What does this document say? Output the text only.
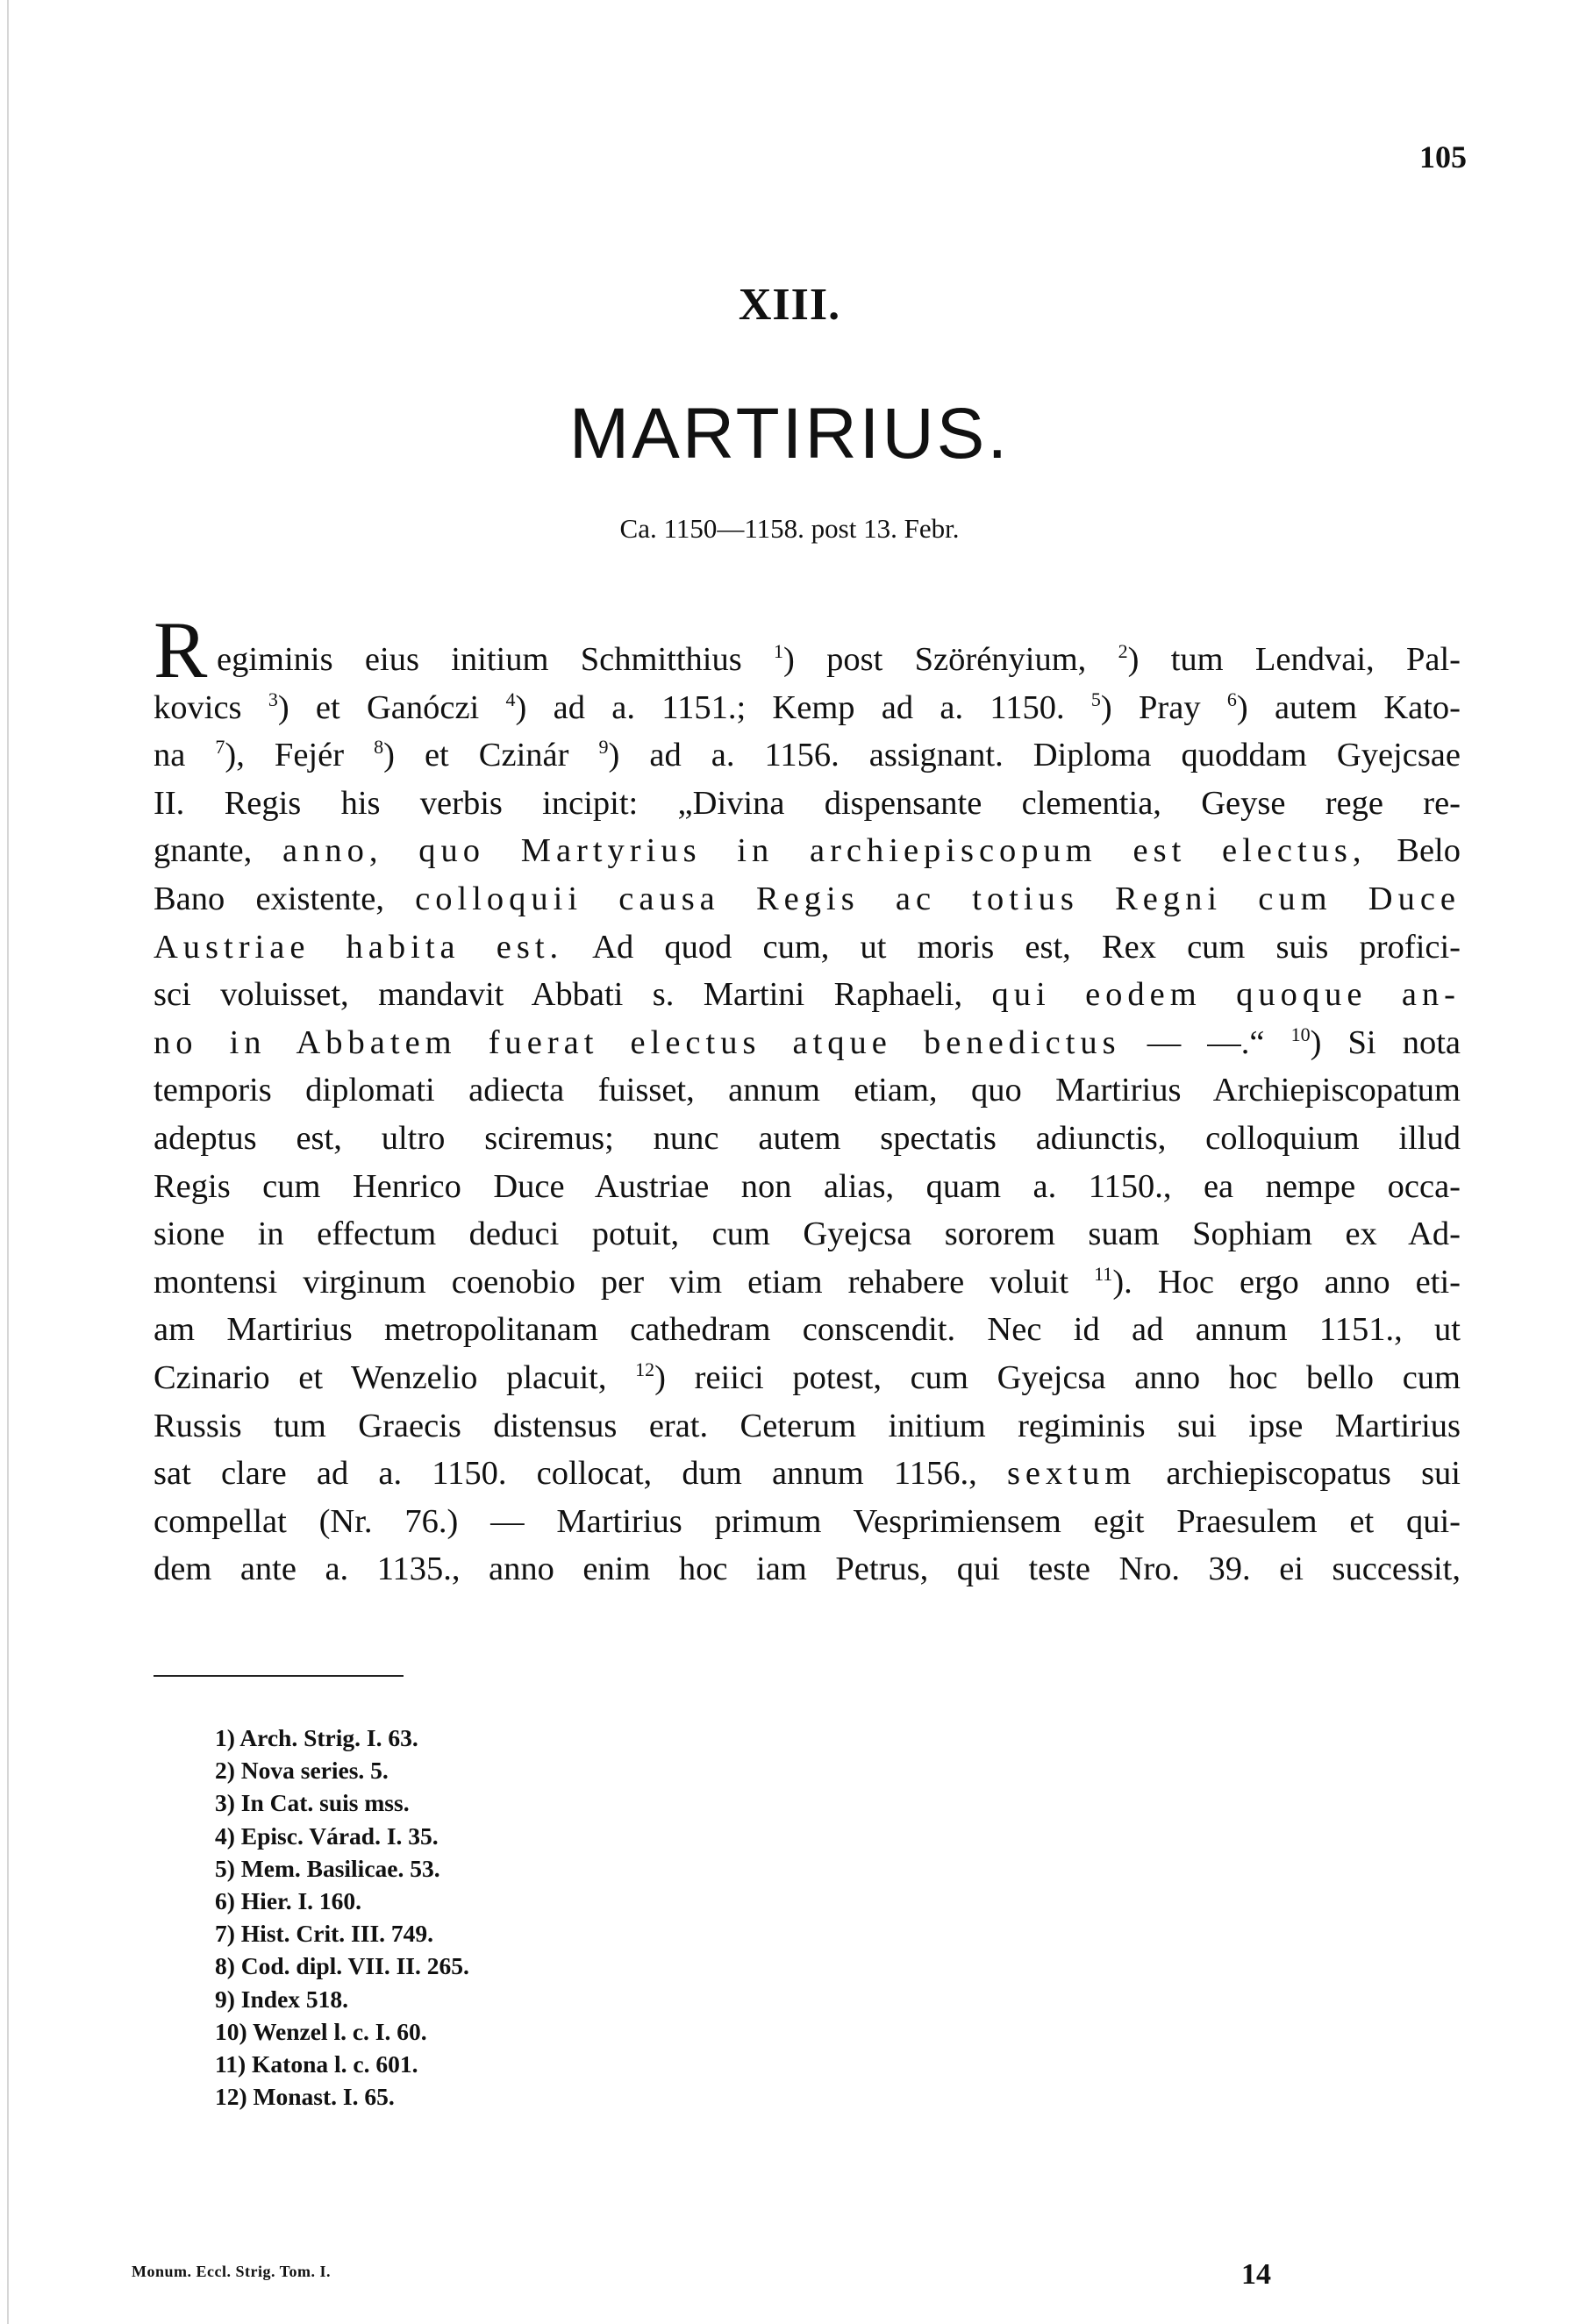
105
XIII.
MARTIRIUS.
Ca. 1150—1158. post 13. Febr.
R egiminis eius initium Schmitthius $^1$) post Szörényium, $^2$) tum Lendvai, Pal-
kovics $^3$) et Ganóczi $^4$) ad a. 1151.; Kemp ad a. 1150. $^5$) Pray $^6$) autem Kato-
na $^7$), Fejér $^8$) et Czinár $^9$) ad a. 1156. assignant. Diploma quoddam Gyejcsae
II. Regis his verbis incipit: „Divina dispensante clementia, Geyse rege re-
gnante, anno, quo Martyrius in archiepiscopum est electus, Belo
Bano existente, colloquii causa Regis ac totius Regni cum Duce
Austriae habita est. Ad quod cum, ut moris est, Rex cum suis profici-
sci voluisset, mandavit Abbati s. Martini Raphaeli, qui eodem quoque an-
no in Abbatem fuerat electus atque benedictus — —.“ $^{10}$) Si nota
temporis diplomati adiecta fuisset, annum etiam, quo Martirius Archiepiscopatum
adeptus est, ultro sciremus; nunc autem spectatis adiunctis, colloquium illud
Regis cum Henrico Duce Austriae non alias, quam a. 1150., ea nempe occa-
sione in effectum deduci potuit, cum Gyejcsa sororem suam Sophiam ex Ad-
montensi virginum coenobio per vim etiam rehabere voluit $^{11}$). Hoc ergo anno eti-
am Martirius metropolitanam cathedram conscendit. Nec id ad annum 1151., ut
Czinario et Wenzelio placuit, $^{12}$) reiici potest, cum Gyejcsa anno hoc bello cum
Russis tum Graecis distensus erat. Ceterum initium regiminis sui ipse Martirius
sat clare ad a. 1150. collocat, dum annum 1156., sextum archiepiscopatus sui
compellat (Nr. 76.) — Martirius primum Vesprimiensem egit Praesulem et qui-
dem ante a. 1135., anno enim hoc iam Petrus, qui teste Nro. 39. ei successit,
1) Arch. Strig. I. 63.
2) Nova series. 5.
3) In Cat. suis mss.
4) Episc. Várad. I. 35.
5) Mem. Basilicae. 53.
6) Hier. I. 160.
7) Hist. Crit. III. 749.
8) Cod. dipl. VII. II. 265.
9) Index 518.
10) Wenzel l. c. I. 60.
11) Katona l. c. 601.
12) Monast. I. 65.
Monum. Eccl. Strig. Tom. I.	14
